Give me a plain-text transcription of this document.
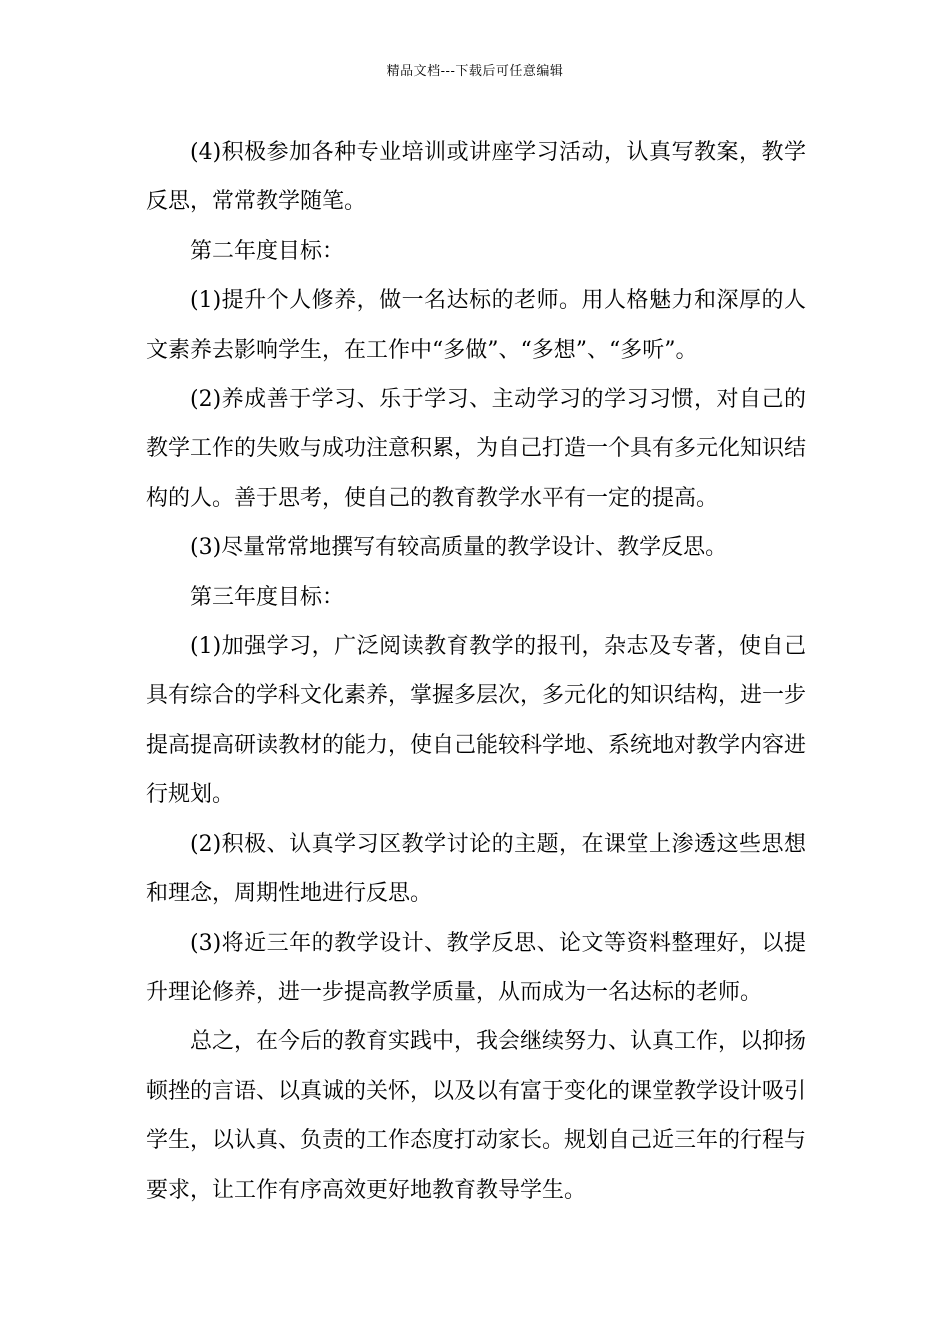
精品文档---下载后可任意编辑

(4)积极参加各种专业培训或讲座学习活动，认真写教案，教学反思，常常教学随笔。

第二年度目标：

(1)提升个人修养，做一名达标的老师。用人格魅力和深厚的人文素养去影响学生，在工作中“多做”、“多想”、“多听”。

(2)养成善于学习、乐于学习、主动学习的学习习惯，对自己的教学工作的失败与成功注意积累，为自己打造一个具有多元化知识结构的人。善于思考，使自己的教育教学水平有一定的提高。

(3)尽量常常地撰写有较高质量的教学设计、教学反思。

第三年度目标：

(1)加强学习，广泛阅读教育教学的报刊，杂志及专著，使自己具有综合的学科文化素养，掌握多层次，多元化的知识结构，进一步提高提高研读教材的能力，使自己能较科学地、系统地对教学内容进行规划。

(2)积极、认真学习区教学讨论的主题，在课堂上渗透这些思想和理念，周期性地进行反思。

(3)将近三年的教学设计、教学反思、论文等资料整理好，以提升理论修养，进一步提高教学质量，从而成为一名达标的老师。

总之，在今后的教育实践中，我会继续努力、认真工作，以抑扬顿挫的言语、以真诚的关怀，以及以有富于变化的课堂教学设计吸引学生，以认真、负责的工作态度打动家长。规划自己近三年的行程与要求，让工作有序高效更好地教育教导学生。
